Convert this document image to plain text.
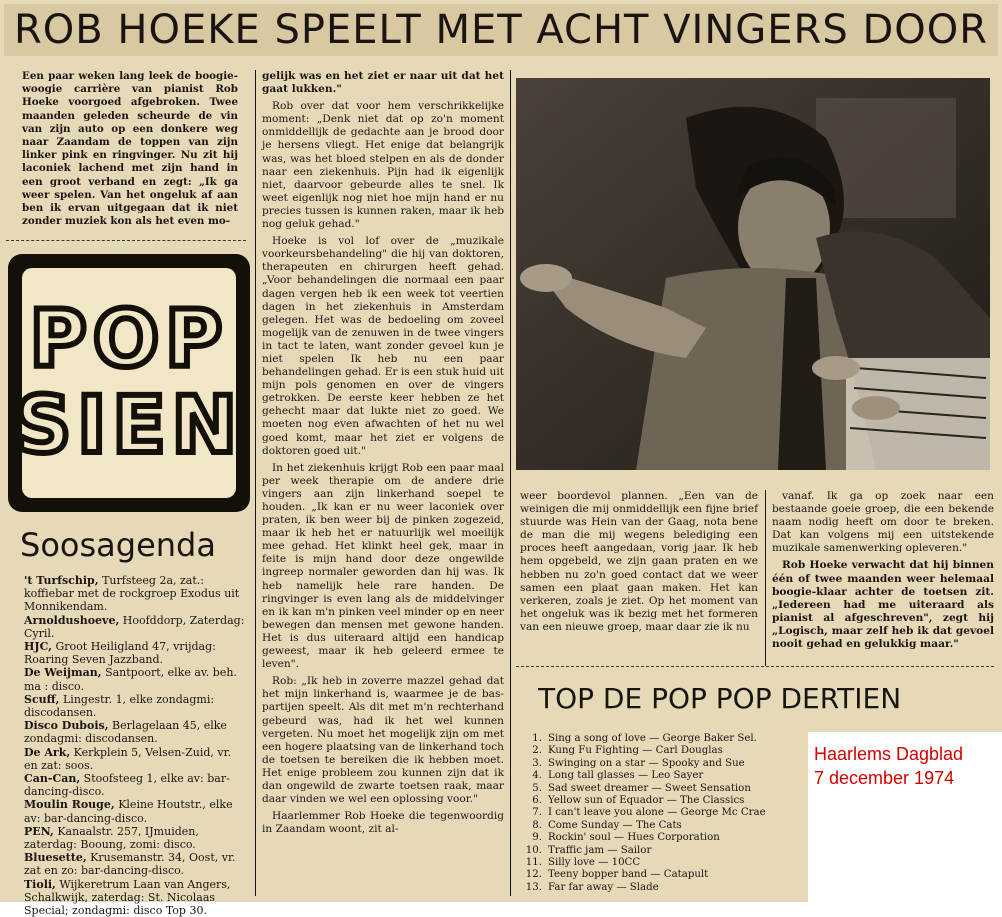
ROB HOEKE SPEELT MET ACHT VINGERS DOOR
Een paar weken lang leek de boogie-woogie carrière van pianist Rob Hoeke voorgoed afgebroken. Twee maanden geleden scheurde de vin van zijn auto op een donkere weg naar Zaandam de toppen van zijn linker pink en ringvinger. Nu zit hij laconiek lachend met zijn hand in een groot verband en zegt: „Ik ga weer spelen. Van het ongeluk af aan ben ik ervan uitgegaan dat ik niet zonder muziek kon als het even mo-
POP
SIEN
Soosagenda
't Turfschip, Turfsteeg 2a, zat.: koffiebar met de rockgroep Exodus uit Monnikendam.
Arnoldushoeve, Hoofddorp, Zaterdag: Cyril.
HJC, Groot Heiligland 47, vrijdag: Roaring Seven Jazzband.
De Weijman, Santpoort, elke av. beh. ma : disco.
Scuff, Lingestr. 1, elke zondagmi: discodansen.
Disco Dubois, Berlagelaan 45, elke zondagmi: discodansen.
De Ark, Kerkplein 5, Velsen-Zuid, vr. en zat: soos.
Can-Can, Stoofsteeg 1, elke av: bar-dancing-disco.
Moulin Rouge, Kleine Houtstr., elke av: bar-dancing-disco.
PEN, Kanaalstr. 257, IJmuiden, zaterdag: Booung, zomi: disco.
Bluesette, Krusemanstr. 34, Oost, vr. zat en zo: bar-dancing-disco.
Tioli, Wijkeretrum Laan van Angers, Schalkwijk, zaterdag: St. Nicolaas Special; zondagmi: disco Top 30.

gelijk was en het ziet er naar uit dat het gaat lukken."

Rob over dat voor hem verschrikkelijke moment: „Denk niet dat op zo'n moment onmiddellijk de gedachte aan je brood door je hersens vliegt. Het enige dat belangrijk was, was het bloed stelpen en als de donder naar een ziekenhuis. Pijn had ik eigenlijk niet, daarvoor gebeurde alles te snel. Ik weet eigenlijk nog niet hoe mijn hand er nu precies tussen is kunnen raken, maar ik heb nog geluk gehad."

Hoeke is vol lof over de „muzikale voorkeursbehandeling" die hij van doktoren, therapeuten en chirurgen heeft gehad. „Voor behandelingen die normaal een paar dagen vergen heb ik een week tot veertien dagen in het ziekenhuis in Amsterdam gelegen. Het was de bedoeling om zoveel mogelijk van de zenuwen in de twee vingers in tact te laten, want zonder gevoel kun je niet spelen Ik heb nu een paar behandelingen gehad. Er is een stuk huid uit mijn pols genomen en over de vingers getrokken. De eerste keer hebben ze het gehecht maar dat lukte niet zo goed. We moeten nog even afwachten of het nu wel goed komt, maar het ziet er volgens de doktoren goed uit."

In het ziekenhuis krijgt Rob een paar maal per week therapie om de andere drie vingers aan zijn linkerhand soepel te houden. „Ik kan er nu weer laconiek over praten, ik ben weer bij de pinken zogezeid, maar ik heb het er natuurlijk wel moeilijk mee gehad. Het klinkt heel gek, maar in feite is mijn hand door deze ongewilde ingreep normaler geworden dan hij was. Ik heb namelijk hele rare handen. De ringvinger is even lang als de middelvinger en ik kan m'n pinken veel minder op en neer bewegen dan mensen met gewone handen. Het is dus uiteraard altijd een handicap geweest, maar ik heb geleerd ermee te leven".

Rob: „Ik heb in zoverre mazzel gehad dat het mijn linkerhand is, waarmee je de bas-partijen speelt. Als dit met m'n rechterhand gebeurd was, had ik het wel kunnen vergeten. Nu moet het mogelijk zijn om met een hogere plaatsing van de linkerhand toch de toetsen te bereiken die ik hebben moet. Het enige probleem zou kunnen zijn dat ik dan ongewild de zwarte toetsen raak, maar daar vinden we wel een oplossing voor."

Haarlemmer Rob Hoeke die tegenwoordig in Zaandam woont, zit al-

weer boordevol plannen. „Een van de weinigen die mij onmiddellijk een fijne brief stuurde was Hein van der Gaag, nota bene de man die mij wegens belediging een proces heeft aangedaan, vorig jaar. Ik heb hem opgebeld, we zijn gaan praten en we hebben nu zo'n goed contact dat we weer samen een plaat gaan maken. Het kan verkeren, zoals je ziet. Op het moment van het ongeluk was ik bezig met het formeren van een nieuwe groep, maar daar zie ik nu

vanaf. Ik ga op zoek naar een bestaande goeie groep, die een bekende naam nodig heeft om door te breken. Dat kan volgens mij een uitstekende muzikale samenwerking opleveren."

Rob Hoeke verwacht dat hij binnen één of twee maanden weer helemaal boogie-klaar achter de toetsen zit. „Iedereen had me uiteraard als pianist al afgeschreven", zegt hij „Logisch, maar zelf heb ik dat gevoel nooit gehad en gelukkig maar."

TOP DE POP POP DERTIEN
1. Sing a song of love — George Baker Sel.
2. Kung Fu Fighting — Carl Douglas
3. Swinging on a star — Spooky and Sue
4. Long tall glasses — Leo Sayer
5. Sad sweet dreamer — Sweet Sensation
6. Yellow sun of Equador — The Classics
7. I can't leave you alone — George Mc Crae
8. Come Sunday — The Cats
9. Rockin' soul — Hues Corporation
10. Traffic jam — Sailor
11. Silly love — 10CC
12. Teeny bopper band — Catapult
13. Far far away — Slade
Haarlems Dagblad
7 december 1974
